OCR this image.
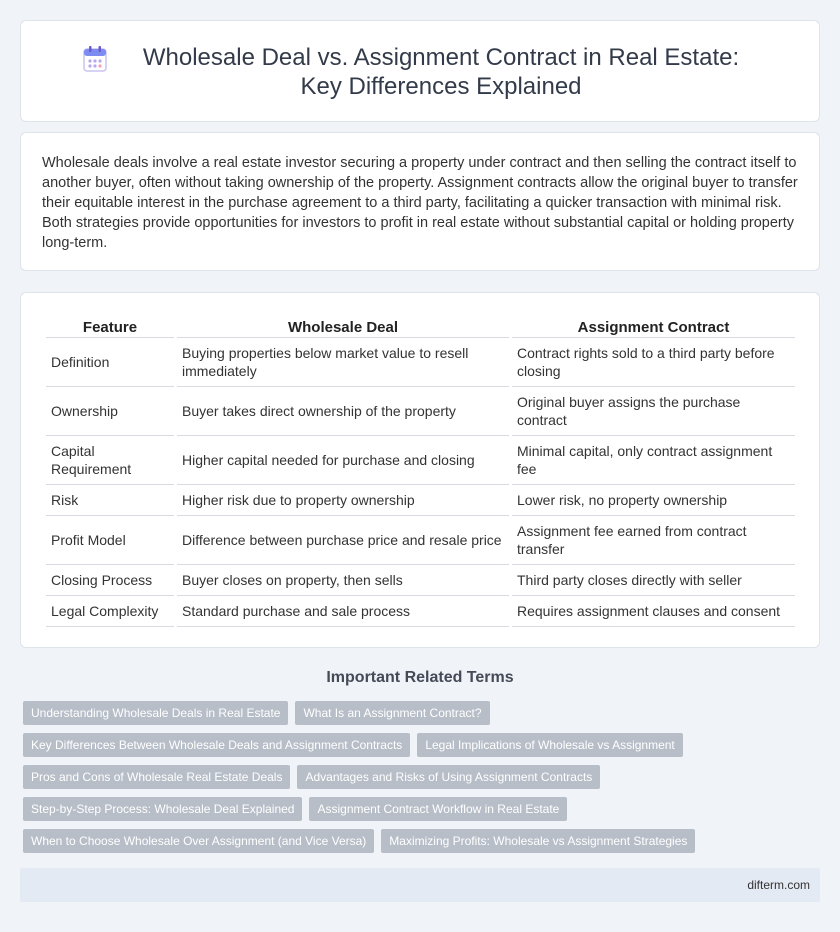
Wholesale Deal vs. Assignment Contract in Real Estate: Key Differences Explained

Wholesale deals involve a real estate investor securing a property under contract and then selling the contract itself to another buyer, often without taking ownership of the property. Assignment contracts allow the original buyer to transfer their equitable interest in the purchase agreement to a third party, facilitating a quicker transaction with minimal risk. Both strategies provide opportunities for investors to profit in real estate without substantial capital or holding property long-term.

Feature	Wholesale Deal	Assignment Contract
Definition	Buying properties below market value to resell immediately	Contract rights sold to a third party before closing
Ownership	Buyer takes direct ownership of the property	Original buyer assigns the purchase contract
Capital Requirement	Higher capital needed for purchase and closing	Minimal capital, only contract assignment fee
Risk	Higher risk due to property ownership	Lower risk, no property ownership
Profit Model	Difference between purchase price and resale price	Assignment fee earned from contract transfer
Closing Process	Buyer closes on property, then sells	Third party closes directly with seller
Legal Complexity	Standard purchase and sale process	Requires assignment clauses and consent
Important Related Terms
Understanding Wholesale Deals in Real Estate	What Is an Assignment Contract?
Key Differences Between Wholesale Deals and Assignment Contracts	Legal Implications of Wholesale vs Assignment
Pros and Cons of Wholesale Real Estate Deals	Advantages and Risks of Using Assignment Contracts
Step-by-Step Process: Wholesale Deal Explained	Assignment Contract Workflow in Real Estate
When to Choose Wholesale Over Assignment (and Vice Versa)	Maximizing Profits: Wholesale vs Assignment Strategies
difterm.com
